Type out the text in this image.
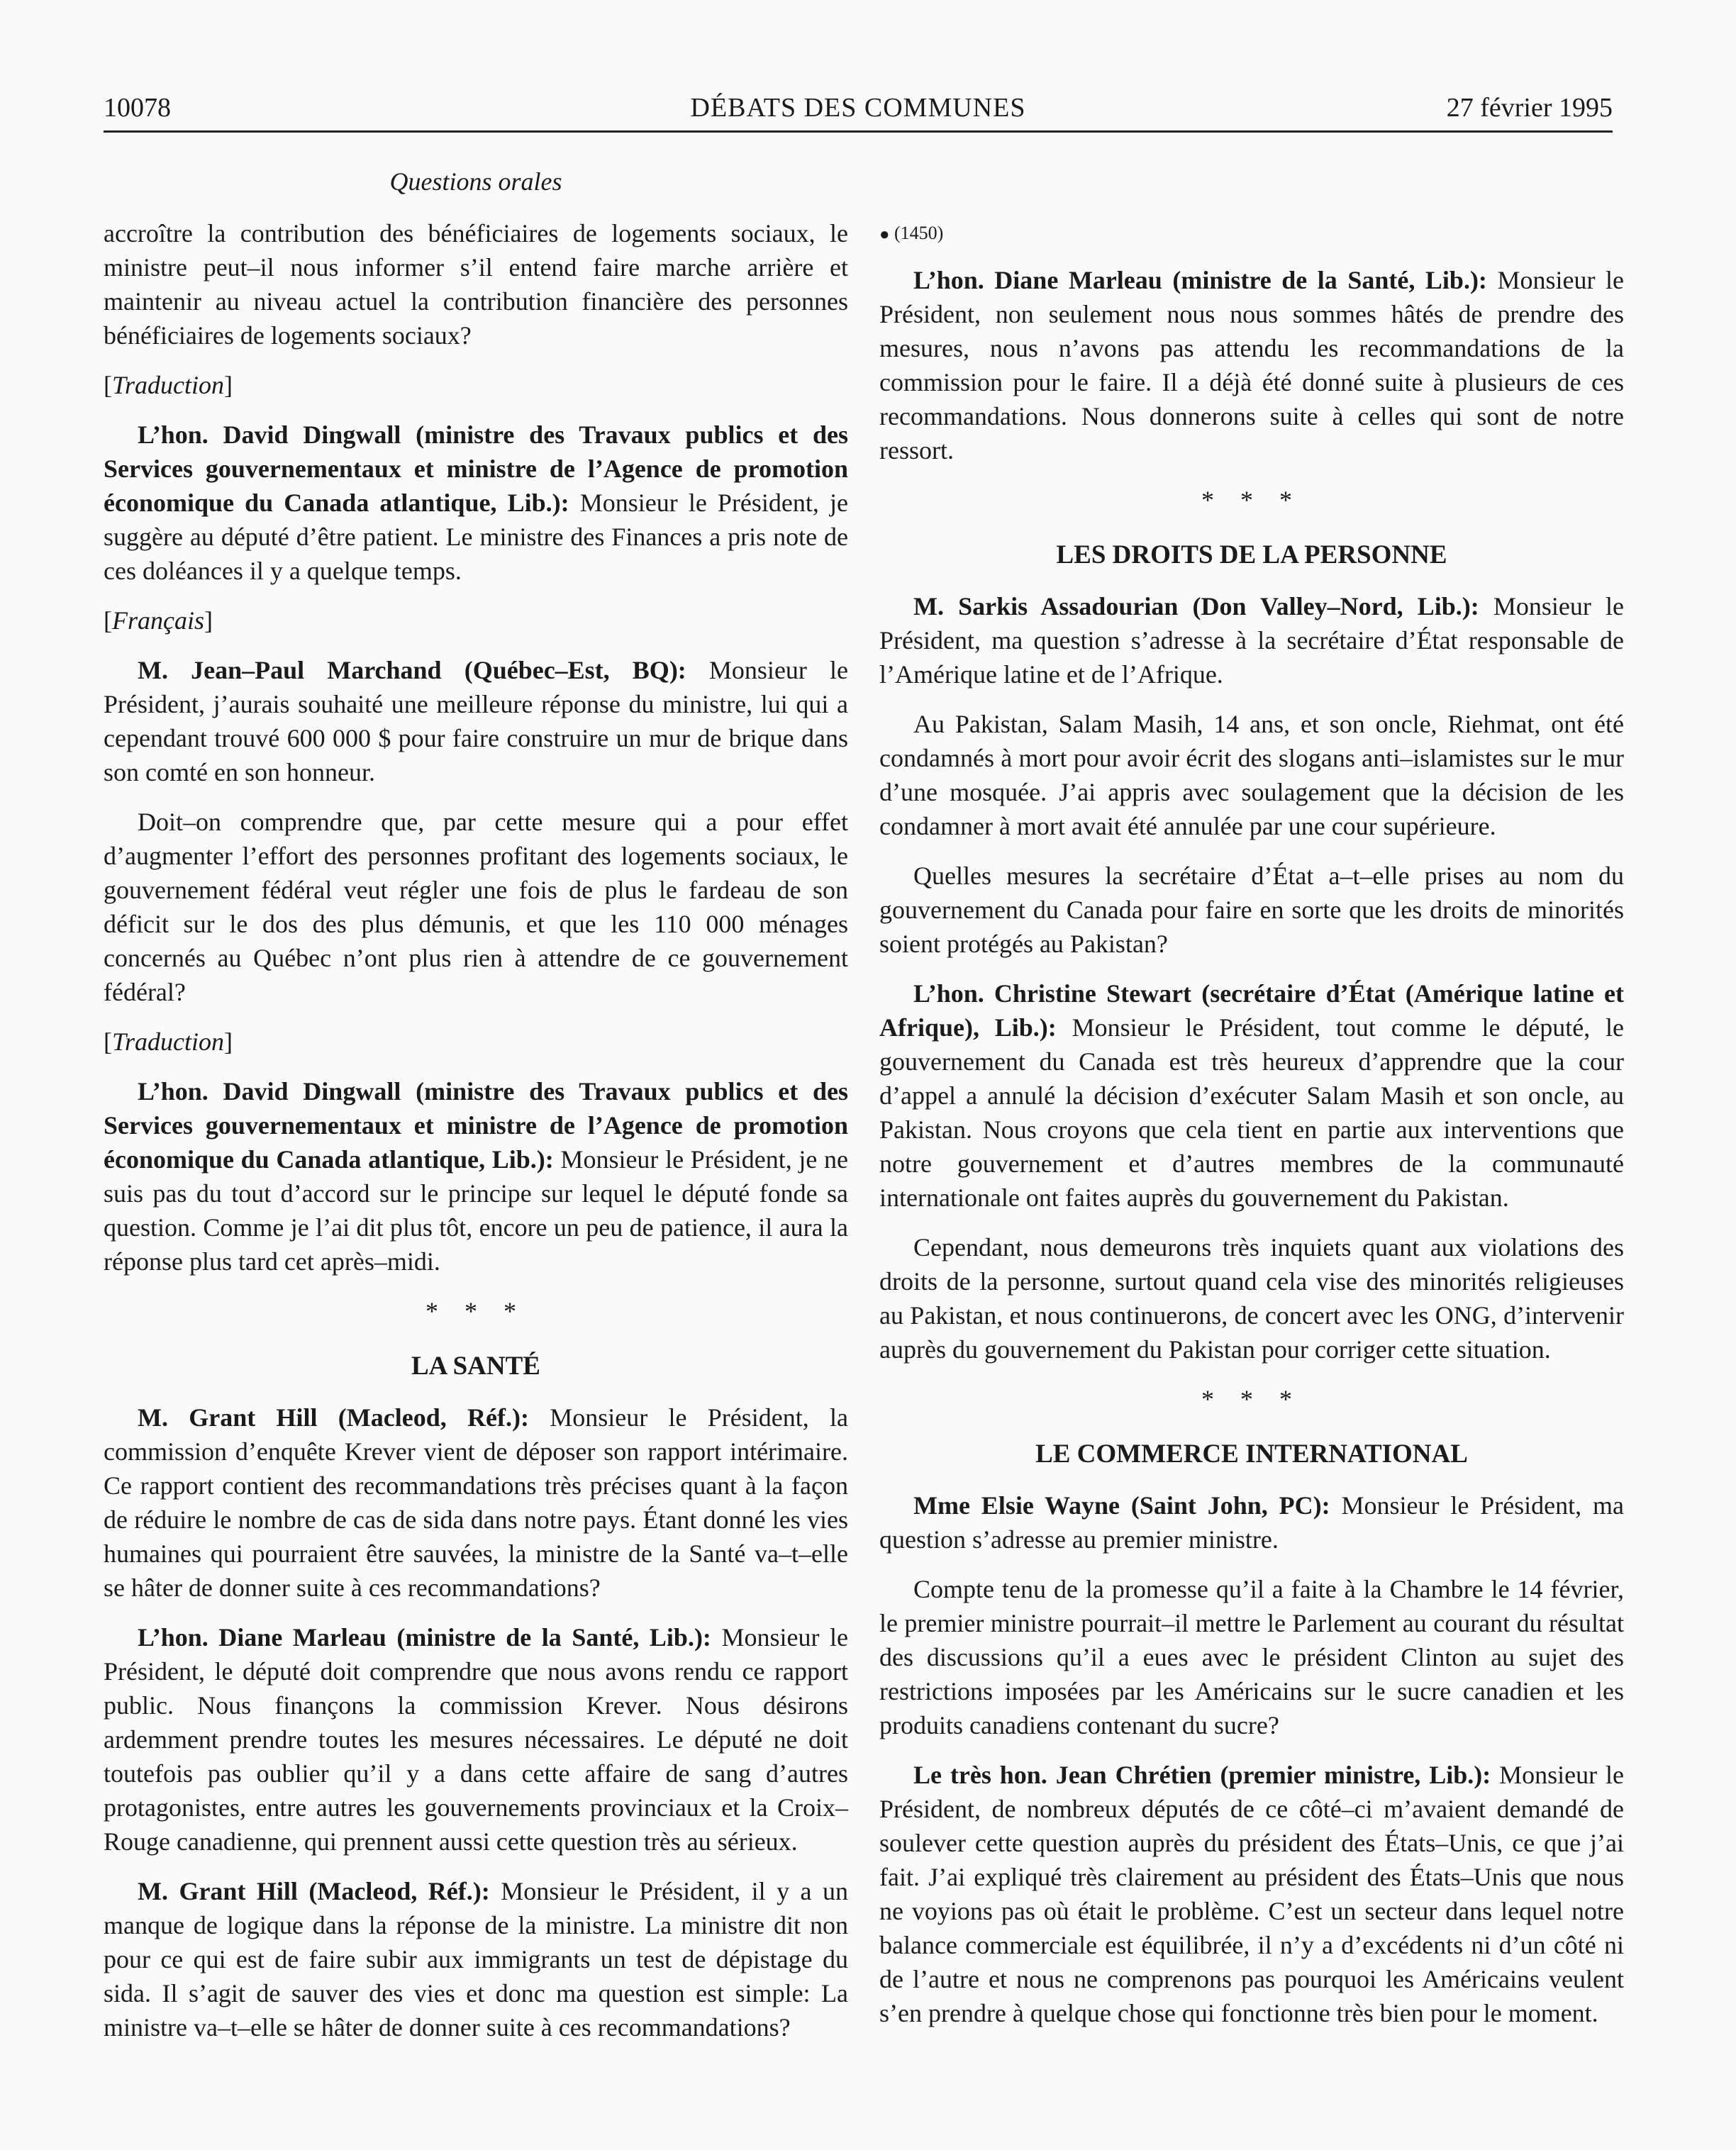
10078	DÉBATS DES COMMUNES	27 février 1995
Questions orales

accroître la contribution des bénéficiaires de logements sociaux, le ministre peut–il nous informer s’il entend faire marche arrière et maintenir au niveau actuel la contribution financière des personnes bénéficiaires de logements sociaux?

[Traduction]

L’hon. David Dingwall (ministre des Travaux publics et des Services gouvernementaux et ministre de l’Agence de promotion économique du Canada atlantique, Lib.): Monsieur le Président, je suggère au député d’être patient. Le ministre des Finances a pris note de ces doléances il y a quelque temps.

[Français]

M. Jean–Paul Marchand (Québec–Est, BQ): Monsieur le Président, j’aurais souhaité une meilleure réponse du ministre, lui qui a cependant trouvé 600 000 $ pour faire construire un mur de brique dans son comté en son honneur.

Doit–on comprendre que, par cette mesure qui a pour effet d’augmenter l’effort des personnes profitant des logements sociaux, le gouvernement fédéral veut régler une fois de plus le fardeau de son déficit sur le dos des plus démunis, et que les 110 000 ménages concernés au Québec n’ont plus rien à attendre de ce gouvernement fédéral?

[Traduction]

L’hon. David Dingwall (ministre des Travaux publics et des Services gouvernementaux et ministre de l’Agence de promotion économique du Canada atlantique, Lib.): Monsieur le Président, je ne suis pas du tout d’accord sur le principe sur lequel le député fonde sa question. Comme je l’ai dit plus tôt, encore un peu de patience, il aura la réponse plus tard cet après–midi.

* * *

LA SANTÉ

M. Grant Hill (Macleod, Réf.): Monsieur le Président, la commission d’enquête Krever vient de déposer son rapport intérimaire. Ce rapport contient des recommandations très précises quant à la façon de réduire le nombre de cas de sida dans notre pays. Étant donné les vies humaines qui pourraient être sauvées, la ministre de la Santé va–t–elle se hâter de donner suite à ces recommandations?

L’hon. Diane Marleau (ministre de la Santé, Lib.): Monsieur le Président, le député doit comprendre que nous avons rendu ce rapport public. Nous finançons la commission Krever. Nous désirons ardemment prendre toutes les mesures nécessaires. Le député ne doit toutefois pas oublier qu’il y a dans cette affaire de sang d’autres protagonistes, entre autres les gouvernements provinciaux et la Croix–Rouge canadienne, qui prennent aussi cette question très au sérieux.

M. Grant Hill (Macleod, Réf.): Monsieur le Président, il y a un manque de logique dans la réponse de la ministre. La ministre dit non pour ce qui est de faire subir aux immigrants un test de dépistage du sida. Il s’agit de sauver des vies et donc ma question est simple: La ministre va–t–elle se hâter de donner suite à ces recommandations?

● (1450)

L’hon. Diane Marleau (ministre de la Santé, Lib.): Monsieur le Président, non seulement nous nous sommes hâtés de prendre des mesures, nous n’avons pas attendu les recommandations de la commission pour le faire. Il a déjà été donné suite à plusieurs de ces recommandations. Nous donnerons suite à celles qui sont de notre ressort.

* * *

LES DROITS DE LA PERSONNE

M. Sarkis Assadourian (Don Valley–Nord, Lib.): Monsieur le Président, ma question s’adresse à la secrétaire d’État responsable de l’Amérique latine et de l’Afrique.

Au Pakistan, Salam Masih, 14 ans, et son oncle, Riehmat, ont été condamnés à mort pour avoir écrit des slogans anti–islamistes sur le mur d’une mosquée. J’ai appris avec soulagement que la décision de les condamner à mort avait été annulée par une cour supérieure.

Quelles mesures la secrétaire d’État a–t–elle prises au nom du gouvernement du Canada pour faire en sorte que les droits de minorités soient protégés au Pakistan?

L’hon. Christine Stewart (secrétaire d’État (Amérique latine et Afrique), Lib.): Monsieur le Président, tout comme le député, le gouvernement du Canada est très heureux d’apprendre que la cour d’appel a annulé la décision d’exécuter Salam Masih et son oncle, au Pakistan. Nous croyons que cela tient en partie aux interventions que notre gouvernement et d’autres membres de la communauté internationale ont faites auprès du gouvernement du Pakistan.

Cependant, nous demeurons très inquiets quant aux violations des droits de la personne, surtout quand cela vise des minorités religieuses au Pakistan, et nous continuerons, de concert avec les ONG, d’intervenir auprès du gouvernement du Pakistan pour corriger cette situation.

* * *

LE COMMERCE INTERNATIONAL

Mme Elsie Wayne (Saint John, PC): Monsieur le Président, ma question s’adresse au premier ministre.

Compte tenu de la promesse qu’il a faite à la Chambre le 14 février, le premier ministre pourrait–il mettre le Parlement au courant du résultat des discussions qu’il a eues avec le président Clinton au sujet des restrictions imposées par les Américains sur le sucre canadien et les produits canadiens contenant du sucre?

Le très hon. Jean Chrétien (premier ministre, Lib.): Monsieur le Président, de nombreux députés de ce côté–ci m’avaient demandé de soulever cette question auprès du président des États–Unis, ce que j’ai fait. J’ai expliqué très clairement au président des États–Unis que nous ne voyions pas où était le problème. C’est un secteur dans lequel notre balance commerciale est équilibrée, il n’y a d’excédents ni d’un côté ni de l’autre et nous ne comprenons pas pourquoi les Américains veulent s’en prendre à quelque chose qui fonctionne très bien pour le moment.
